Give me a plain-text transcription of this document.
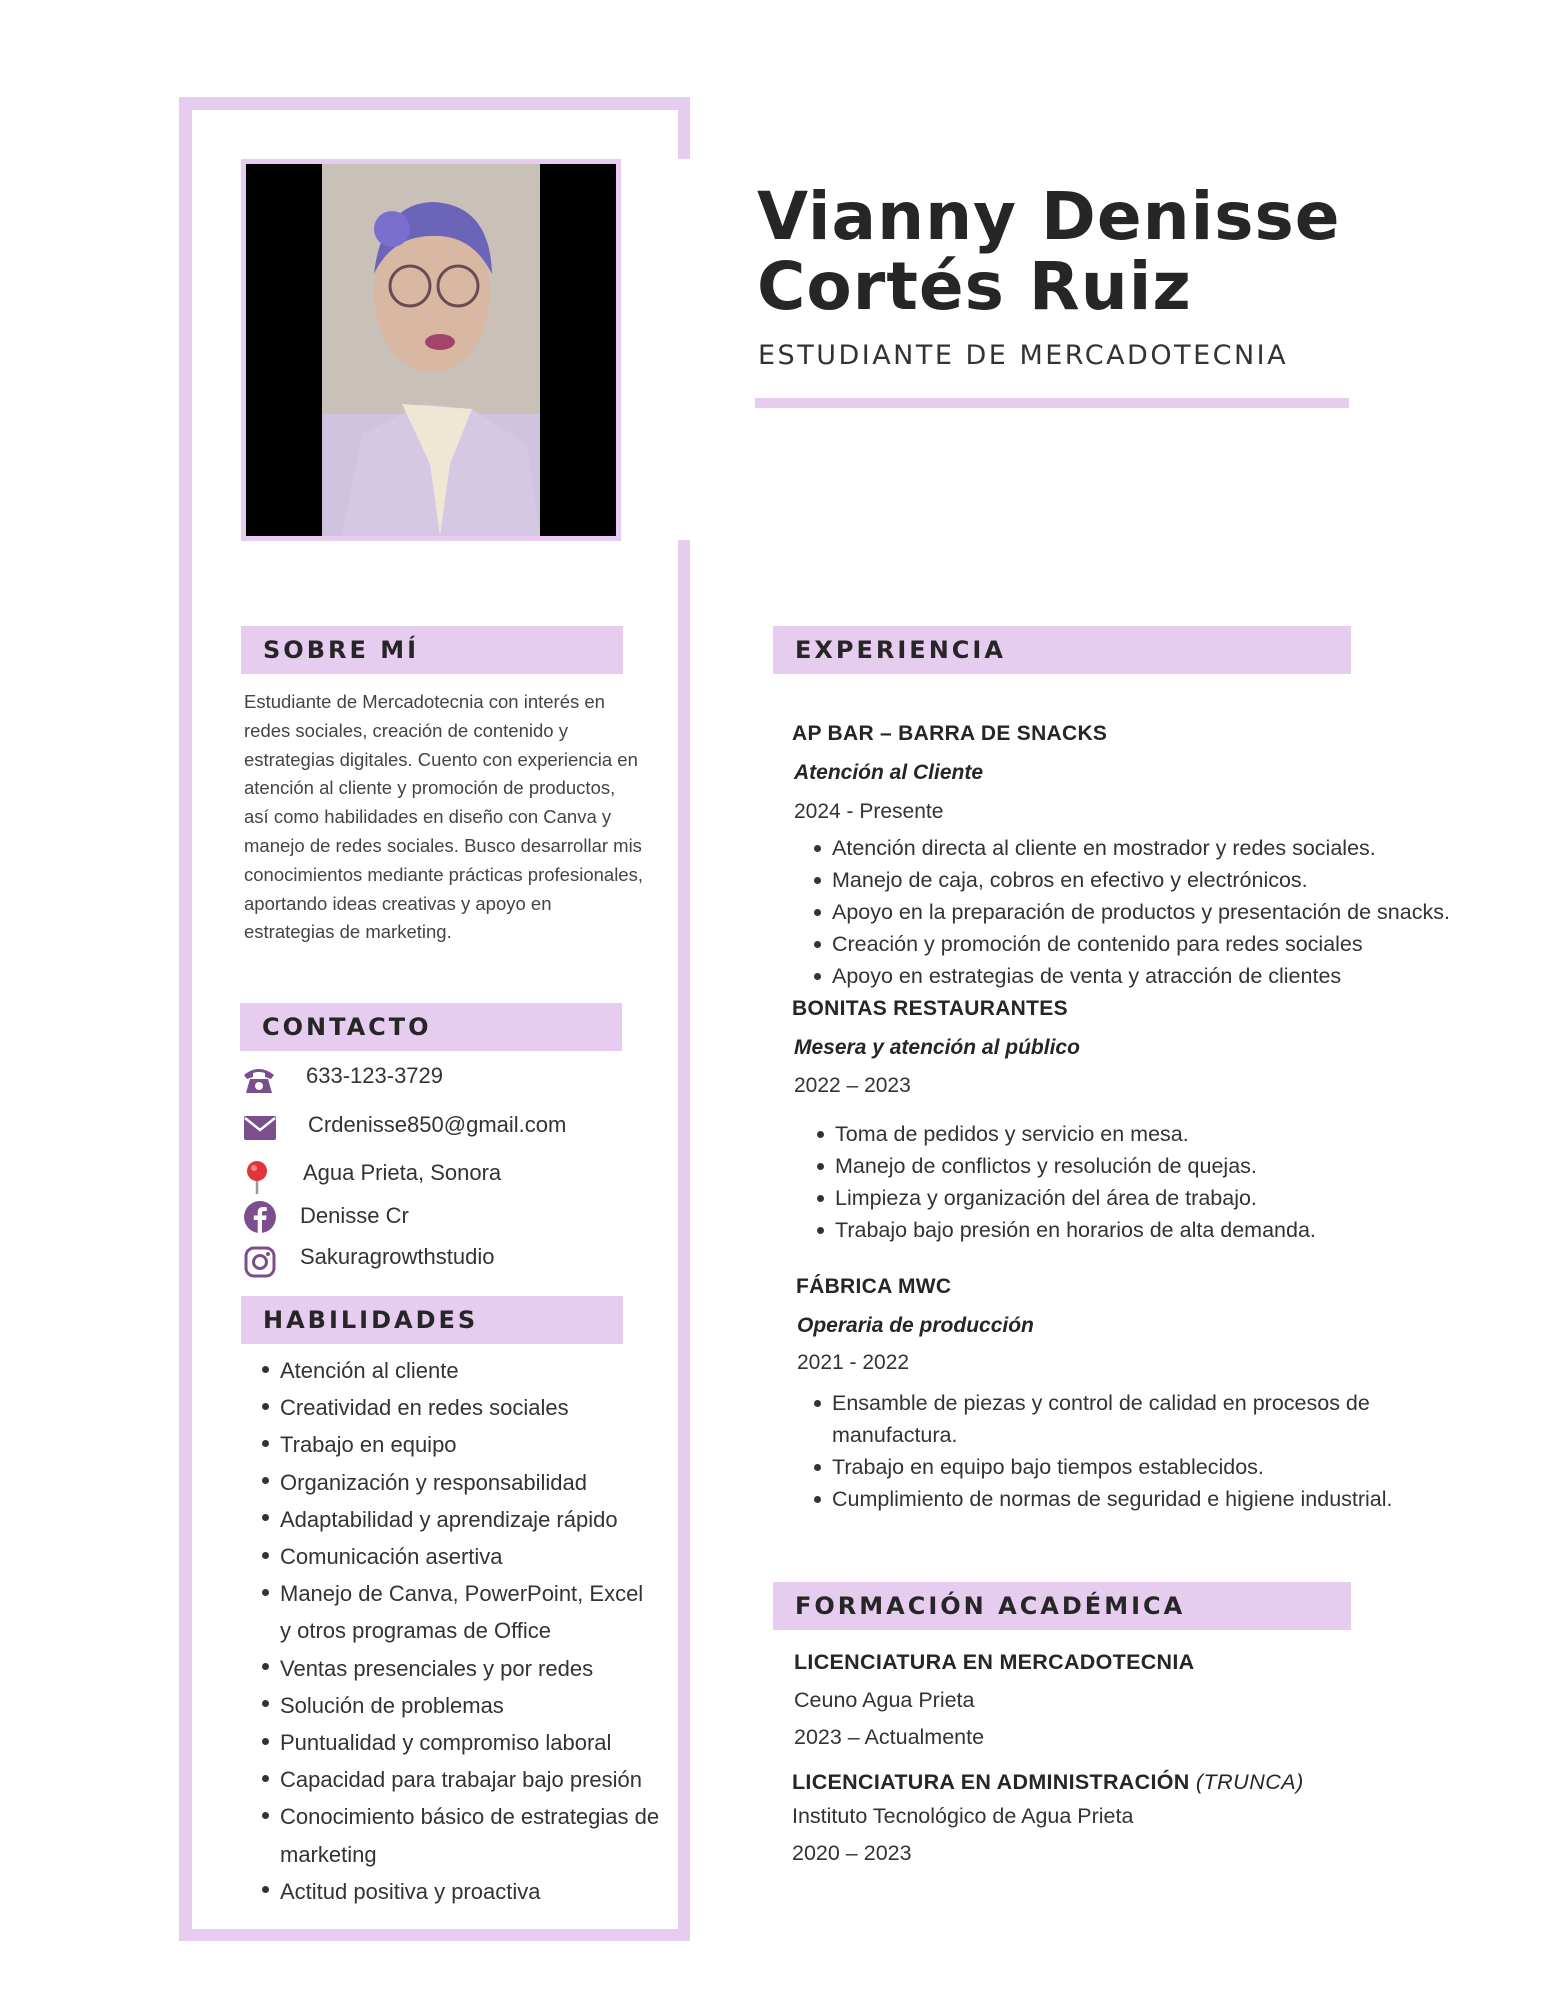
Vianny Denisse
Cortés Ruiz
ESTUDIANTE DE MERCADOTECNIA
SOBRE MÍ
Estudiante de Mercadotecnia con interés en redes sociales, creación de contenido y estrategias digitales. Cuento con experiencia en atención al cliente y promoción de productos, así como habilidades en diseño con Canva y manejo de redes sociales. Busco desarrollar mis conocimientos mediante prácticas profesionales, aportando ideas creativas y apoyo en estrategias de marketing.
CONTACTO
633-123-3729
Crdenisse850@gmail.com
Agua Prieta, Sonora
Denisse Cr
Sakuragrowthstudio
HABILIDADES
Atención al cliente
Creatividad en redes sociales
Trabajo en equipo
Organización y responsabilidad
Adaptabilidad y aprendizaje rápido
Comunicación asertiva
Manejo de Canva, PowerPoint, Excel y otros programas de Office
Ventas presenciales y por redes
Solución de problemas
Puntualidad y compromiso laboral
Capacidad para trabajar bajo presión
Conocimiento básico de estrategias de marketing
Actitud positiva y proactiva
EXPERIENCIA
AP BAR – BARRA DE SNACKS
Atención al Cliente
2024 - Presente
Atención directa al cliente en mostrador y redes sociales.
Manejo de caja, cobros en efectivo y electrónicos.
Apoyo en la preparación de productos y presentación de snacks.
Creación y promoción de contenido para redes sociales
Apoyo en estrategias de venta y atracción de clientes
BONITAS RESTAURANTES
Mesera y atención al público
2022 – 2023
Toma de pedidos y servicio en mesa.
Manejo de conflictos y resolución de quejas.
Limpieza y organización del área de trabajo.
Trabajo bajo presión en horarios de alta demanda.
FÁBRICA MWC
Operaria de producción
2021 - 2022
Ensamble de piezas y control de calidad en procesos de manufactura.
Trabajo en equipo bajo tiempos establecidos.
Cumplimiento de normas de seguridad e higiene industrial.
FORMACIÓN ACADÉMICA
LICENCIATURA EN MERCADOTECNIA
Ceuno Agua Prieta
2023 – Actualmente
LICENCIATURA EN ADMINISTRACIÓN (TRUNCA)
Instituto Tecnológico de Agua Prieta
2020 – 2023
